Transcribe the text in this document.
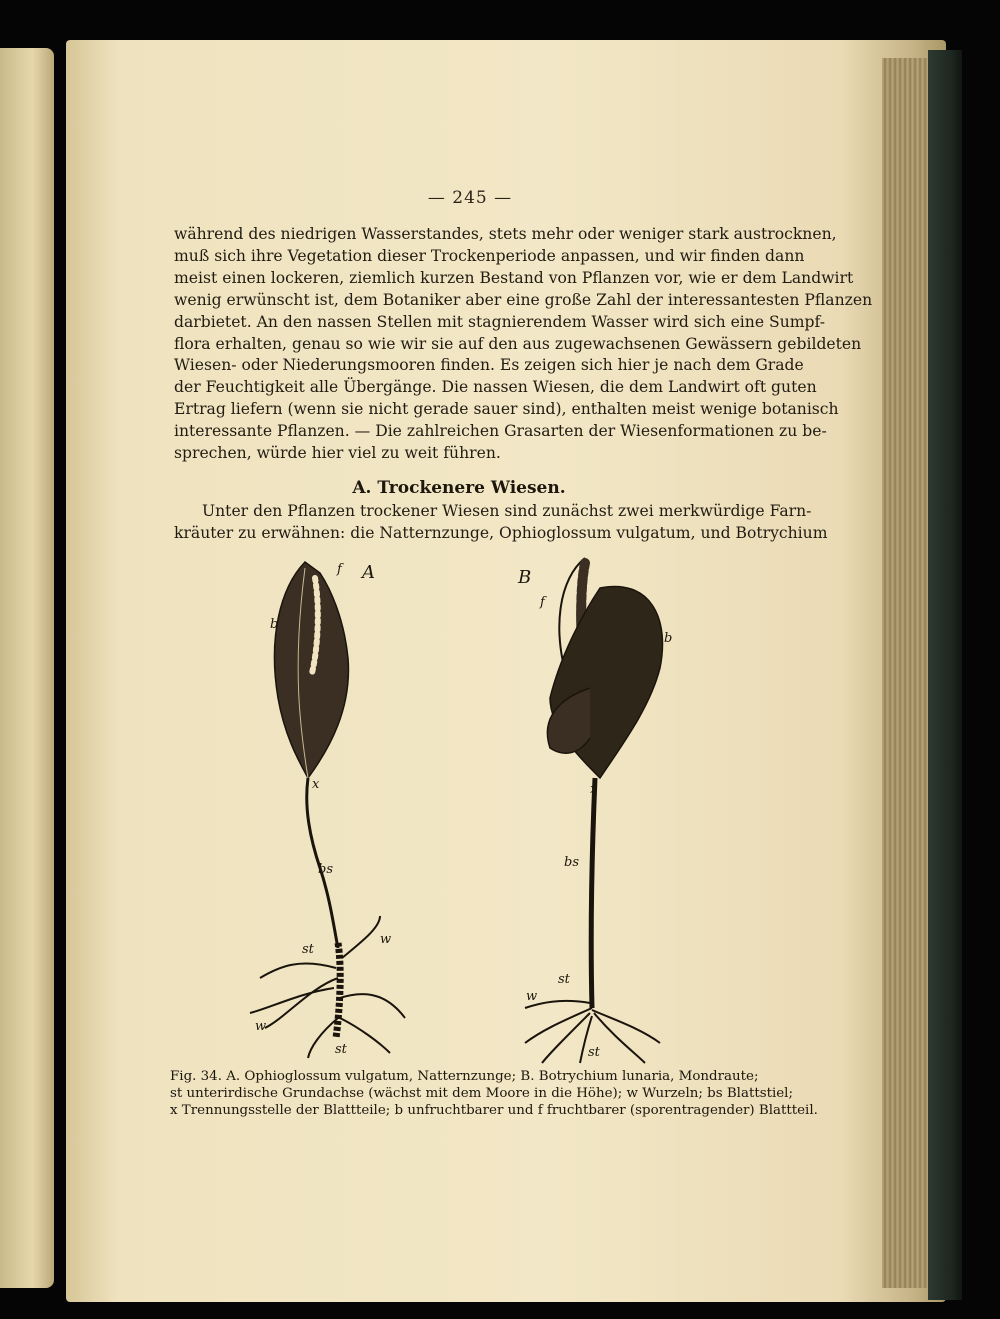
— 245 —
während des niedrigen Wasserstandes, stets mehr oder weniger stark austrocknen,
muß sich ihre Vegetation dieser Trockenperiode anpassen, und wir finden dann
meist einen lockeren, ziemlich kurzen Bestand von Pflanzen vor, wie er dem Landwirt
wenig erwünscht ist, dem Botaniker aber eine große Zahl der interessantesten Pflanzen
darbietet. An den nassen Stellen mit stagnierendem Wasser wird sich eine Sumpf-
flora erhalten, genau so wie wir sie auf den aus zugewachsenen Gewässern gebildeten
Wiesen- oder Niederungsmooren finden. Es zeigen sich hier je nach dem Grade
der Feuchtigkeit alle Übergänge. Die nassen Wiesen, die dem Landwirt oft guten
Ertrag liefern (wenn sie nicht gerade sauer sind), enthalten meist wenige botanisch
interessante Pflanzen. — Die zahlreichen Grasarten der Wiesenformationen zu be-
sprechen, würde hier viel zu weit führen.
A. Trockenere Wiesen.
Unter den Pflanzen trockener Wiesen sind zunächst zwei merkwürdige Farn-
kräuter zu erwähnen: die Natternzunge, Ophioglossum vulgatum, und Botrychium
A	B
f
b
x
bs
st
w
w
st
f
b
x
bs
st
w
st
Fig. 34. A. Ophioglossum vulgatum, Natternzunge; B. Botrychium lunaria, Mondraute;
st unterirdische Grundachse (wächst mit dem Moore in die Höhe); w Wurzeln; bs Blattstiel;
x Trennungsstelle der Blattteile; b unfruchtbarer und f fruchtbarer (sporentragender) Blattteil.
